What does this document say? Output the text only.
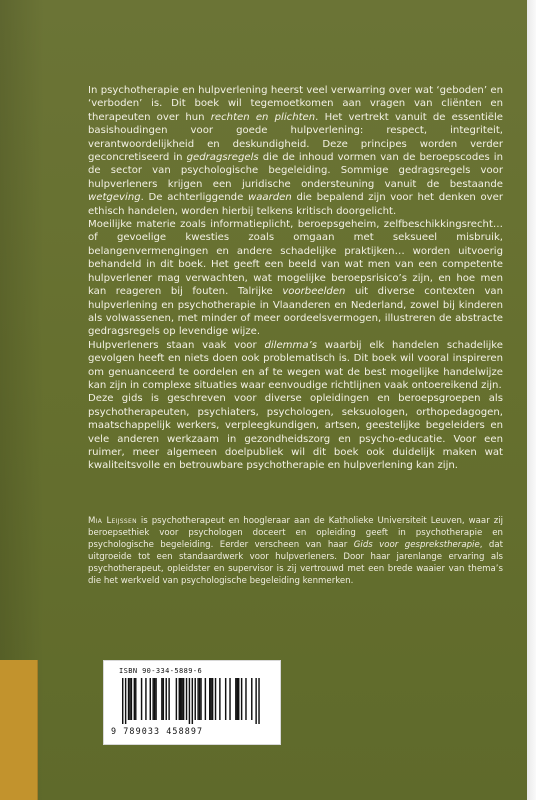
In psychotherapie en hulpverlening heerst veel verwarring over wat ‘geboden’ en ‘verboden’ is. Dit boek wil tegemoetkomen aan vragen van cliënten en therapeuten over hun rechten en plichten. Het vertrekt vanuit de essentiële basishoudingen voor goede hulpverlening: respect, integriteit, verantwoordelijkheid en deskundigheid. Deze principes worden verder geconcretiseerd in gedragsregels die de inhoud vormen van de beroepscodes in de sector van psychologische begeleiding. Sommige gedragsregels voor hulpverleners krijgen een juridische ondersteuning vanuit de bestaande wetgeving. De achterliggende waarden die bepalend zijn voor het denken over ethisch handelen, worden hierbij telkens kritisch doorgelicht.

Moeilijke materie zoals informatieplicht, beroepsgeheim, zelfbeschikkingsrecht… of gevoelige kwesties zoals omgaan met seksueel misbruik, belangenvermengingen en andere schadelijke praktijken… worden uitvoerig behandeld in dit boek. Het geeft een beeld van wat men van een competente hulpverlener mag verwachten, wat mogelijke beroepsrisico’s zijn, en hoe men kan reageren bij fouten. Talrijke voorbeelden uit diverse contexten van hulpverlening en psychotherapie in Vlaanderen en Nederland, zowel bij kinderen als volwassenen, met minder of meer oordeelsvermogen, illustreren de abstracte gedragsregels op levendige wijze.

Hulpverleners staan vaak voor dilemma’s waarbij elk handelen schadelijke gevolgen heeft en niets doen ook problematisch is. Dit boek wil vooral inspireren om genuanceerd te oordelen en af te wegen wat de best mogelijke handelwijze kan zijn in complexe situaties waar eenvoudige richtlijnen vaak ontoereikend zijn.

Deze gids is geschreven voor diverse opleidingen en beroepsgroepen als psychotherapeuten, psychiaters, psychologen, seksuologen, orthopedagogen, maatschappelijk werkers, verpleegkundigen, artsen, geestelijke begeleiders en vele anderen werkzaam in gezondheidszorg en psycho-educatie. Voor een ruimer, meer algemeen doelpubliek wil dit boek ook duidelijk maken wat kwaliteitsvolle en betrouwbare psychotherapie en hulpverlening kan zijn.

Mia Leijssen is psychotherapeut en hoogleraar aan de Katholieke Universiteit Leuven, waar zij beroepsethiek voor psychologen doceert en opleiding geeft in psychotherapie en psychologische begeleiding. Eerder verscheen van haar Gids voor gesprekstherapie, dat uitgroeide tot een standaardwerk voor hulpverleners. Door haar jarenlange ervaring als psychotherapeut, opleidster en supervisor is zij vertrouwd met een brede waaier van thema’s die het werkveld van psychologische begeleiding kenmerken.

ISBN 90-334-5889-6
9 789033 458897
